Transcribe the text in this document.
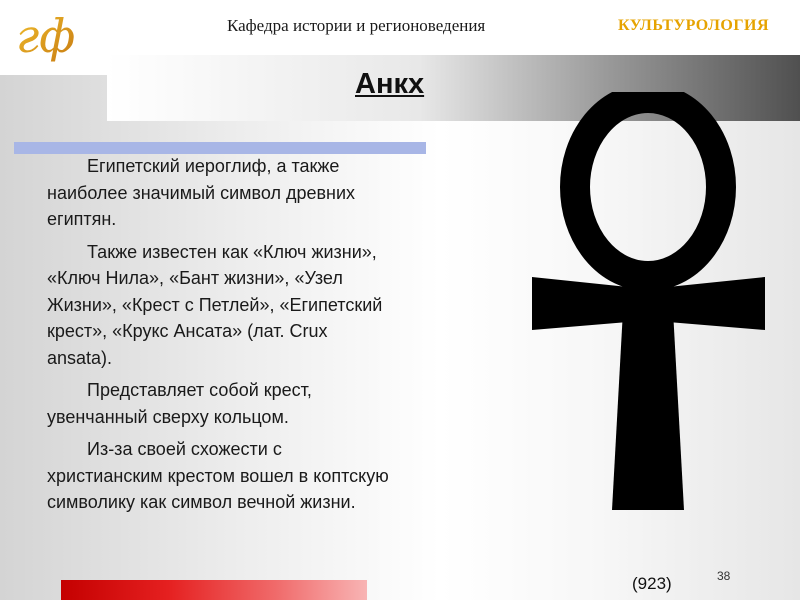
гф	Кафедра истории и регионоведения	КУЛЬТУРОЛОГИЯ
Анкх

Египетский иероглиф, а также наиболее значимый символ древних египтян.

Также известен как «Ключ жизни», «Ключ Нила», «Бант жизни», «Узел Жизни», «Крест с Петлей», «Египетский крест», «Крукс Ансата» (лат. Crux ansata).

Представляет собой крест, увенчанный сверху кольцом.

Из-за своей схожести с христианским крестом вошел в коптскую символику как символ вечной жизни.

(923)	38
